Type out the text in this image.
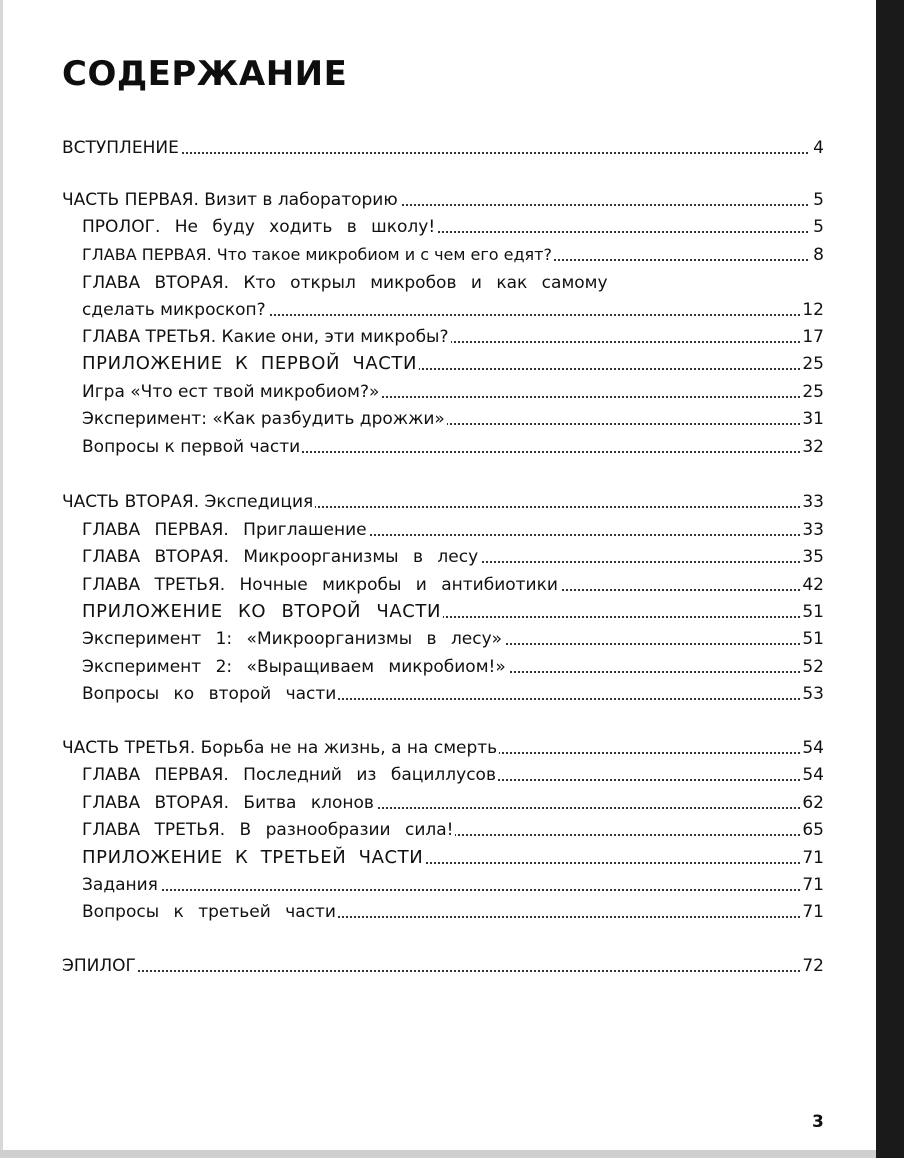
СОДЕРЖАНИЕ
ВСТУПЛЕНИЕ	4
ЧАСТЬ ПЕРВАЯ. Визит в лабораторию	5
ПРОЛОГ. Не буду ходить в школу!	5
ГЛАВА ПЕРВАЯ. Что такое микробиом и с чем его едят?	8
ГЛАВА ВТОРАЯ. Кто открыл микробов и как самому
сделать микроскоп?	12
ГЛАВА ТРЕТЬЯ. Какие они, эти микробы?	17
ПРИЛОЖЕНИЕ К ПЕРВОЙ ЧАСТИ	25
Игра «Что ест твой микробиом?»	25
Эксперимент: «Как разбудить дрожжи»	31
Вопросы к первой части	32
ЧАСТЬ ВТОРАЯ. Экспедиция	33
ГЛАВА ПЕРВАЯ. Приглашение	33
ГЛАВА ВТОРАЯ. Микроорганизмы в лесу	35
ГЛАВА ТРЕТЬЯ. Ночные микробы и антибиотики	42
ПРИЛОЖЕНИЕ КО ВТОРОЙ ЧАСТИ	51
Эксперимент 1: «Микроорганизмы в лесу»	51
Эксперимент 2: «Выращиваем микробиом!»	52
Вопросы ко второй части	53
ЧАСТЬ ТРЕТЬЯ. Борьба не на жизнь, а на смерть	54
ГЛАВА ПЕРВАЯ. Последний из бациллусов	54
ГЛАВА ВТОРАЯ. Битва клонов	62
ГЛАВА ТРЕТЬЯ. В разнообразии сила!	65
ПРИЛОЖЕНИЕ К ТРЕТЬЕЙ ЧАСТИ	71
Задания	71
Вопросы к третьей части	71
ЭПИЛОГ	72
3
